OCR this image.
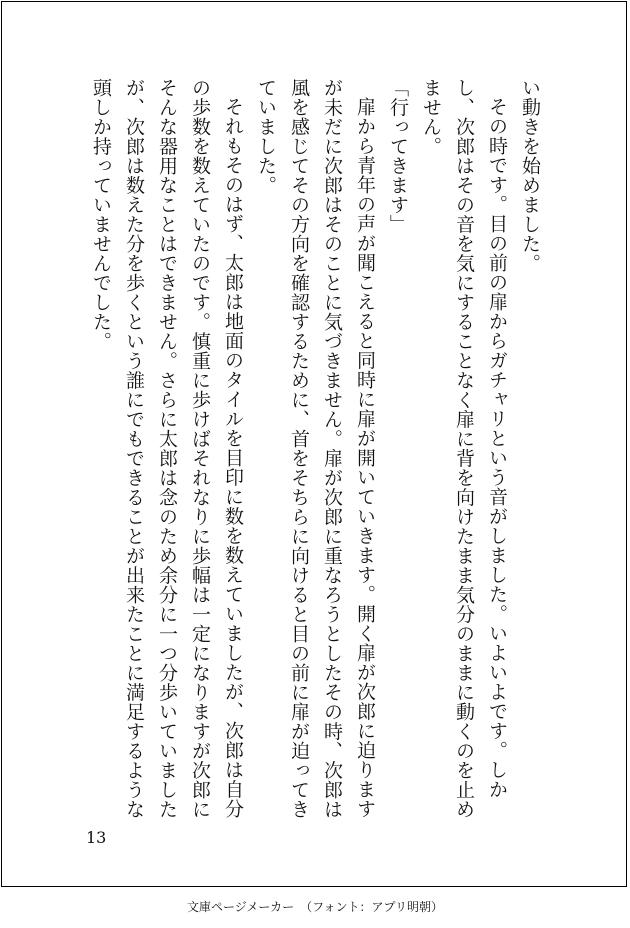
い動きを始めました。

その時です。目の前の扉からガチャリという音がしました。いよいよです。しかし、次郎はその音を気にすることなく扉に背を向けたまま気分のままに動くのを止めません。

「行ってきます」

扉から青年の声が聞こえると同時に扉が開いていきます。開く扉が次郎に迫りますが未だに次郎はそのことに気づきません。扉が次郎に重なろうとしたその時、次郎は風を感じてその方向を確認するために、首をそちらに向けると目の前に扉が迫ってきていました。

それもそのはず、太郎は地面のタイルを目印に数を数えていましたが、次郎は自分の歩数を数えていたのです。慎重に歩けばそれなりに歩幅は一定になりますが次郎にそんな器用なことはできません。さらに太郎は念のため余分に一つ分歩いていましたが、次郎は数えた分を歩くという誰にでもできることが出来たことに満足するような頭しか持っていませんでした。

13
文庫ページメーカー　（フォント：アプリ明朝）
